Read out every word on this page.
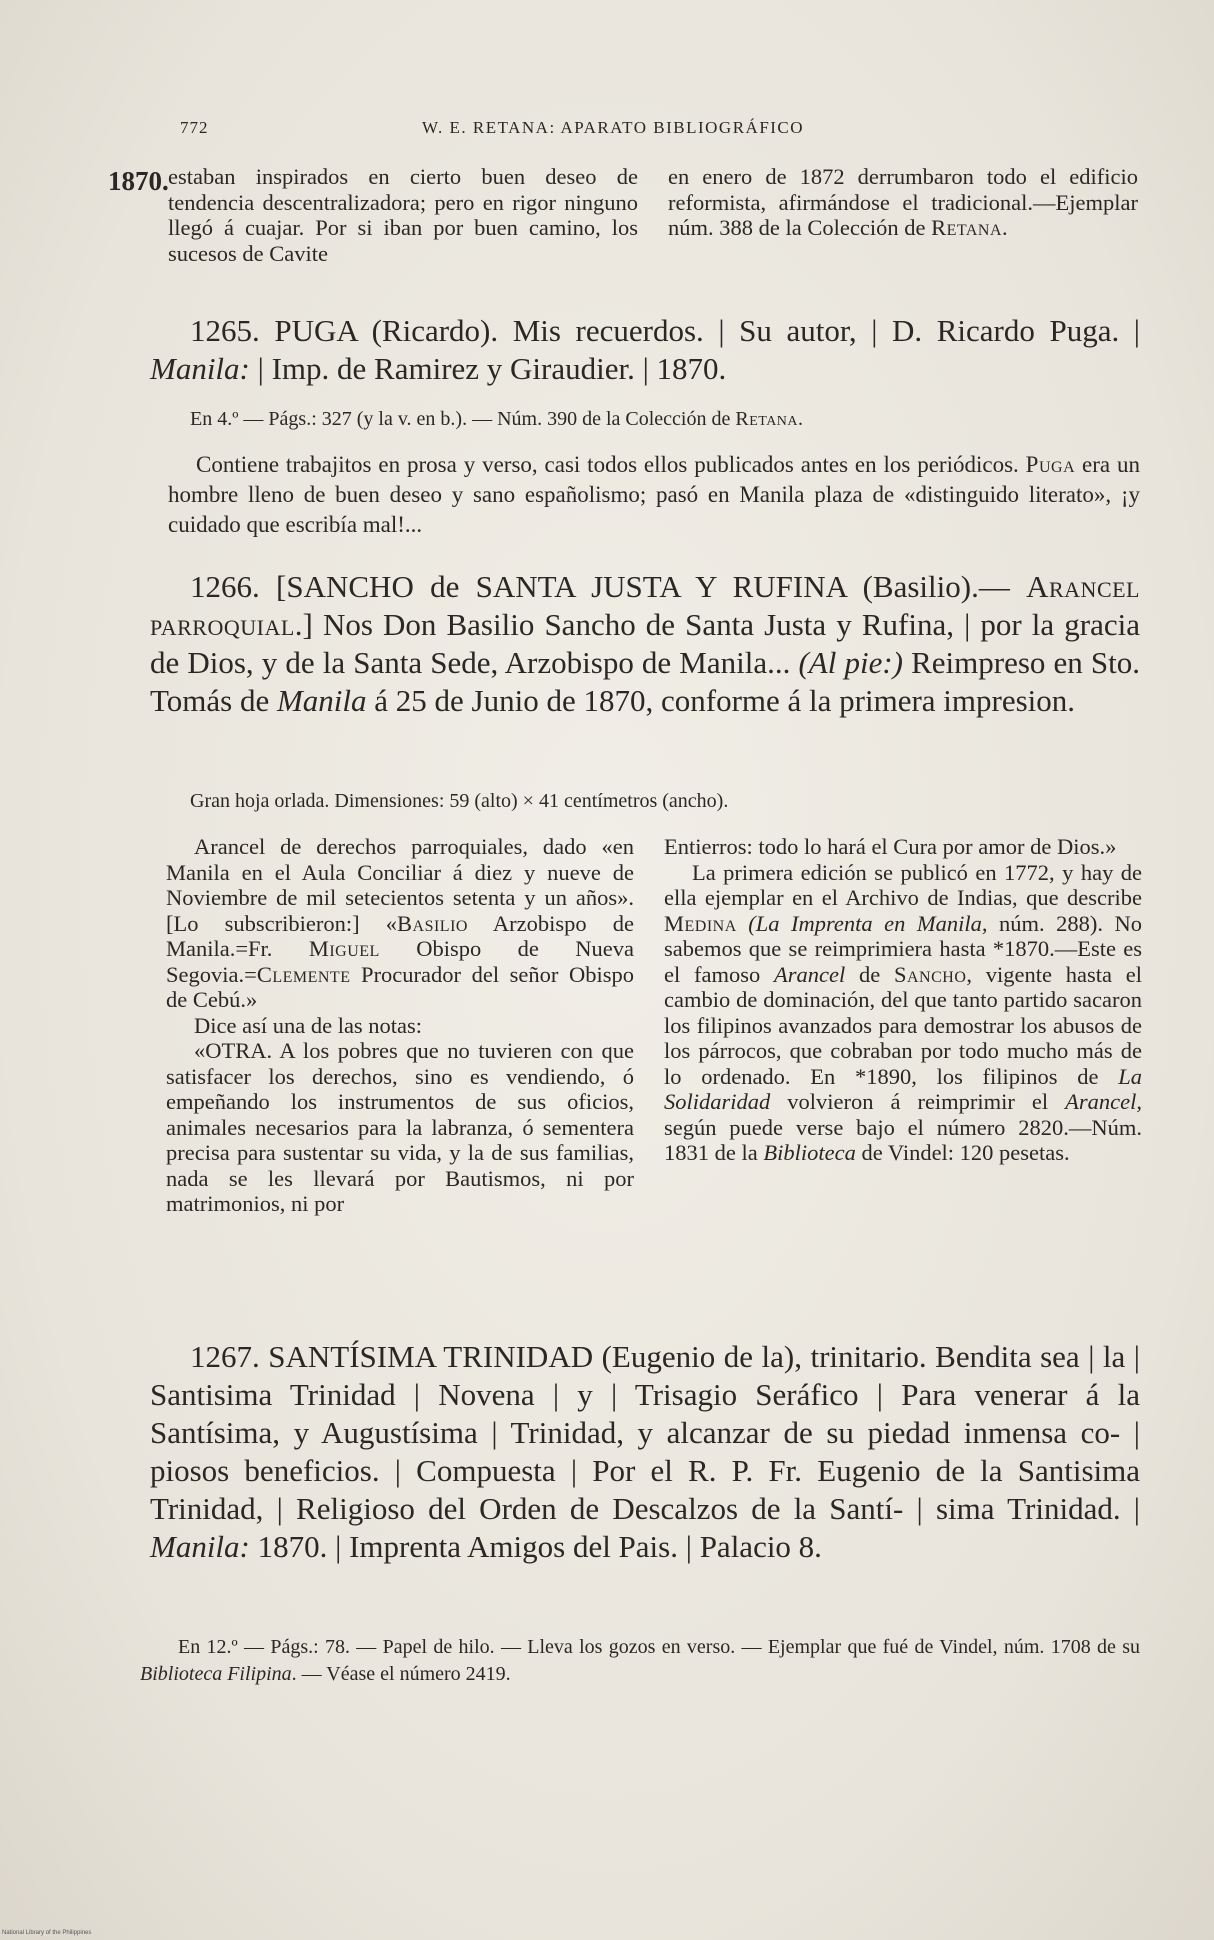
772	W. E. RETANA: APARATO BIBLIOGRÁFICO
1870. estaban inspirados en cierto buen deseo de tendencia descentralizadora; pero en rigor ninguno llegó á cuajar. Por si iban por buen camino, los sucesos de Cavite

en enero de 1872 derrumbaron todo el edificio reformista, afirmándose el tradicional.—Ejemplar núm. 388 de la Colección de Retana.

1265. PUGA (Ricardo). Mis recuerdos. | Su autor, | D. Ricardo Puga. | Manila: | Imp. de Ramirez y Giraudier. | 1870.
En 4.º — Págs.: 327 (y la v. en b.). — Núm. 390 de la Colección de Retana.
Contiene trabajitos en prosa y verso, casi todos ellos publicados antes en los periódicos. Puga era un hombre lleno de buen deseo y sano españolismo; pasó en Manila plaza de «distinguido literato», ¡y cuidado que escribía mal!...
1266. [SANCHO de SANTA JUSTA Y RUFINA (Basilio).— Arancel parroquial.] Nos Don Basilio Sancho de Santa Justa y Rufina, | por la gracia de Dios, y de la Santa Sede, Arzobispo de Manila... (Al pie:) Reimpreso en Sto. Tomás de Manila á 25 de Junio de 1870, conforme á la primera impresion.
Gran hoja orlada. Dimensiones: 59 (alto) × 41 centímetros (ancho).

Arancel de derechos parroquiales, dado «en Manila en el Aula Conciliar á diez y nueve de Noviembre de mil setecientos setenta y un años». [Lo subscribieron:] «Basilio Arzobispo de Manila.=Fr. Miguel Obispo de Nueva Segovia.=Clemente Procurador del señor Obispo de Cebú.»

Dice así una de las notas:

«OTRA. A los pobres que no tuvieren con que satisfacer los derechos, sino es vendiendo, ó empeñando los instrumentos de sus oficios, animales necesarios para la labranza, ó sementera precisa para sustentar su vida, y la de sus familias, nada se les llevará por Bautismos, ni por matrimonios, ni por

Entierros: todo lo hará el Cura por amor de Dios.»

La primera edición se publicó en 1772, y hay de ella ejemplar en el Archivo de Indias, que describe Medina (La Imprenta en Manila, núm. 288). No sabemos que se reimprimiera hasta *1870.—Este es el famoso Arancel de Sancho, vigente hasta el cambio de dominación, del que tanto partido sacaron los filipinos avanzados para demostrar los abusos de los párrocos, que cobraban por todo mucho más de lo ordenado. En *1890, los filipinos de La Solidaridad volvieron á reimprimir el Arancel, según puede verse bajo el número 2820.—Núm. 1831 de la Biblioteca de Vindel: 120 pesetas.

1267. SANTÍSIMA TRINIDAD (Eugenio de la), trinitario. Bendita sea | la | Santisima Trinidad | Novena | y | Trisagio Seráfico | Para venerar á la Santísima, y Augustísima | Trinidad, y alcanzar de su piedad inmensa co- | piosos beneficios. | Compuesta | Por el R. P. Fr. Eugenio de la Santisima Trinidad, | Religioso del Orden de Descalzos de la Santí- | sima Trinidad. | Manila: 1870. | Imprenta Amigos del Pais. | Palacio 8.
En 12.º — Págs.: 78. — Papel de hilo. — Lleva los gozos en verso. — Ejemplar que fué de Vindel, núm. 1708 de su Biblioteca Filipina. — Véase el número 2419.
National Library of the Philippines
